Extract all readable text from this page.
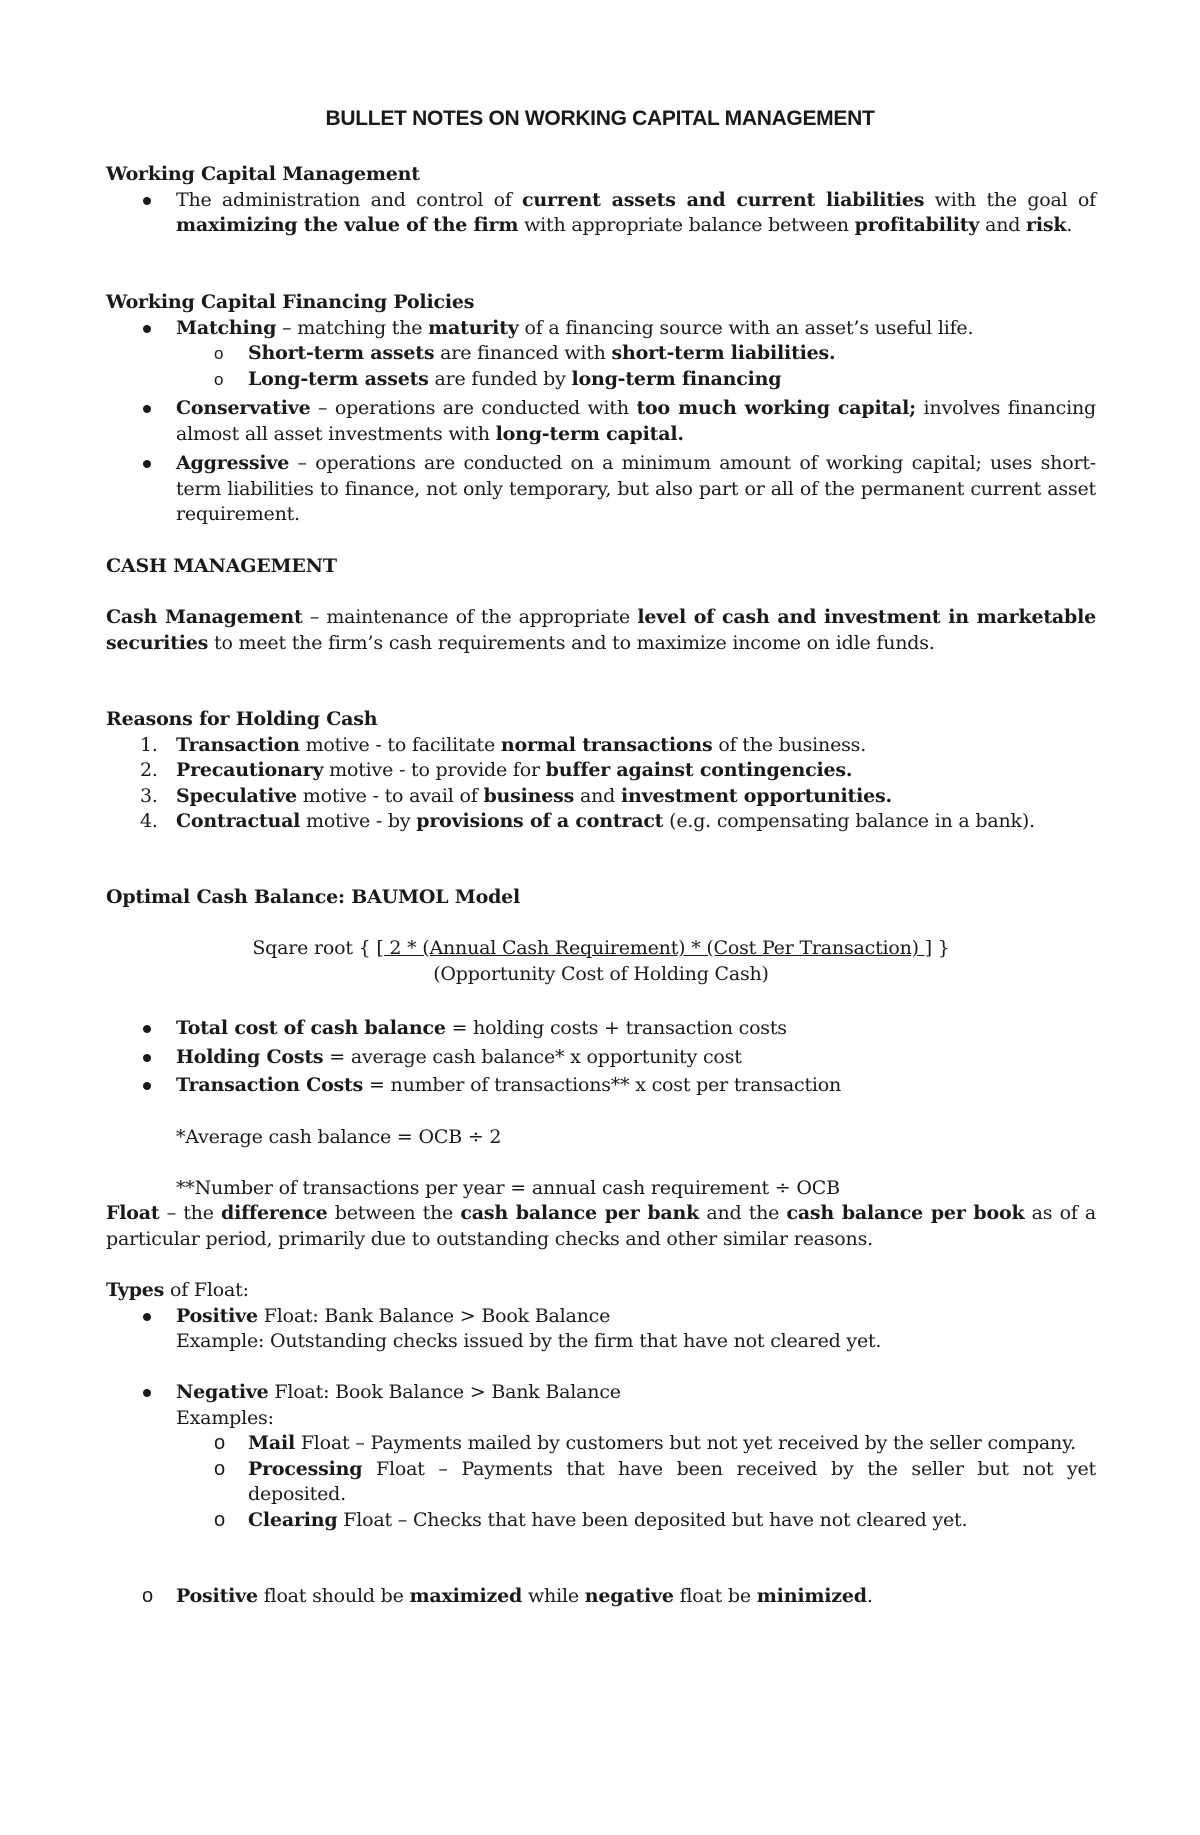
BULLET NOTES ON WORKING CAPITAL MANAGEMENT

Working Capital Management

The administration and control of current assets and current liabilities with the goal of maximizing the value of the firm with appropriate balance between profitability and risk.

Working Capital Financing Policies

Matching – matching the maturity of a financing source with an asset’s useful life.
o Short-term assets are financed with short-term liabilities.
o Long-term assets are funded by long-term financing
Conservative – operations are conducted with too much working capital; involves financing almost all asset investments with long-term capital.
Aggressive – operations are conducted on a minimum amount of working capital; uses short-term liabilities to finance, not only temporary, but also part or all of the permanent current asset requirement.

CASH MANAGEMENT

Cash Management – maintenance of the appropriate level of cash and investment in marketable securities to meet the firm’s cash requirements and to maximize income on idle funds.

Reasons for Holding Cash

1. Transaction motive - to facilitate normal transactions of the business.
2. Precautionary motive - to provide for buffer against contingencies.
3. Speculative motive - to avail of business and investment opportunities.
4. Contractual motive - by provisions of a contract (e.g. compensating balance in a bank).

Optimal Cash Balance: BAUMOL Model

Sqare root { [ 2 * (Annual Cash Requirement) * (Cost Per Transaction) ] }

(Opportunity Cost of Holding Cash)

Total cost of cash balance = holding costs + transaction costs
Holding Costs = average cash balance* x opportunity cost
Transaction Costs = number of transactions** x cost per transaction

*Average cash balance = OCB ÷ 2

**Number of transactions per year = annual cash requirement ÷ OCB

Float – the difference between the cash balance per bank and the cash balance per book as of a particular period, primarily due to outstanding checks and other similar reasons.

Types of Float:

Positive Float: Bank Balance > Book Balance
Example: Outstanding checks issued by the firm that have not cleared yet.
Negative Float: Book Balance > Bank Balance
Examples:
o Mail Float – Payments mailed by customers but not yet received by the seller company.
o Processing Float – Payments that have been received by the seller but not yet deposited.
o Clearing Float – Checks that have been deposited but have not cleared yet.
o Positive float should be maximized while negative float be minimized.
